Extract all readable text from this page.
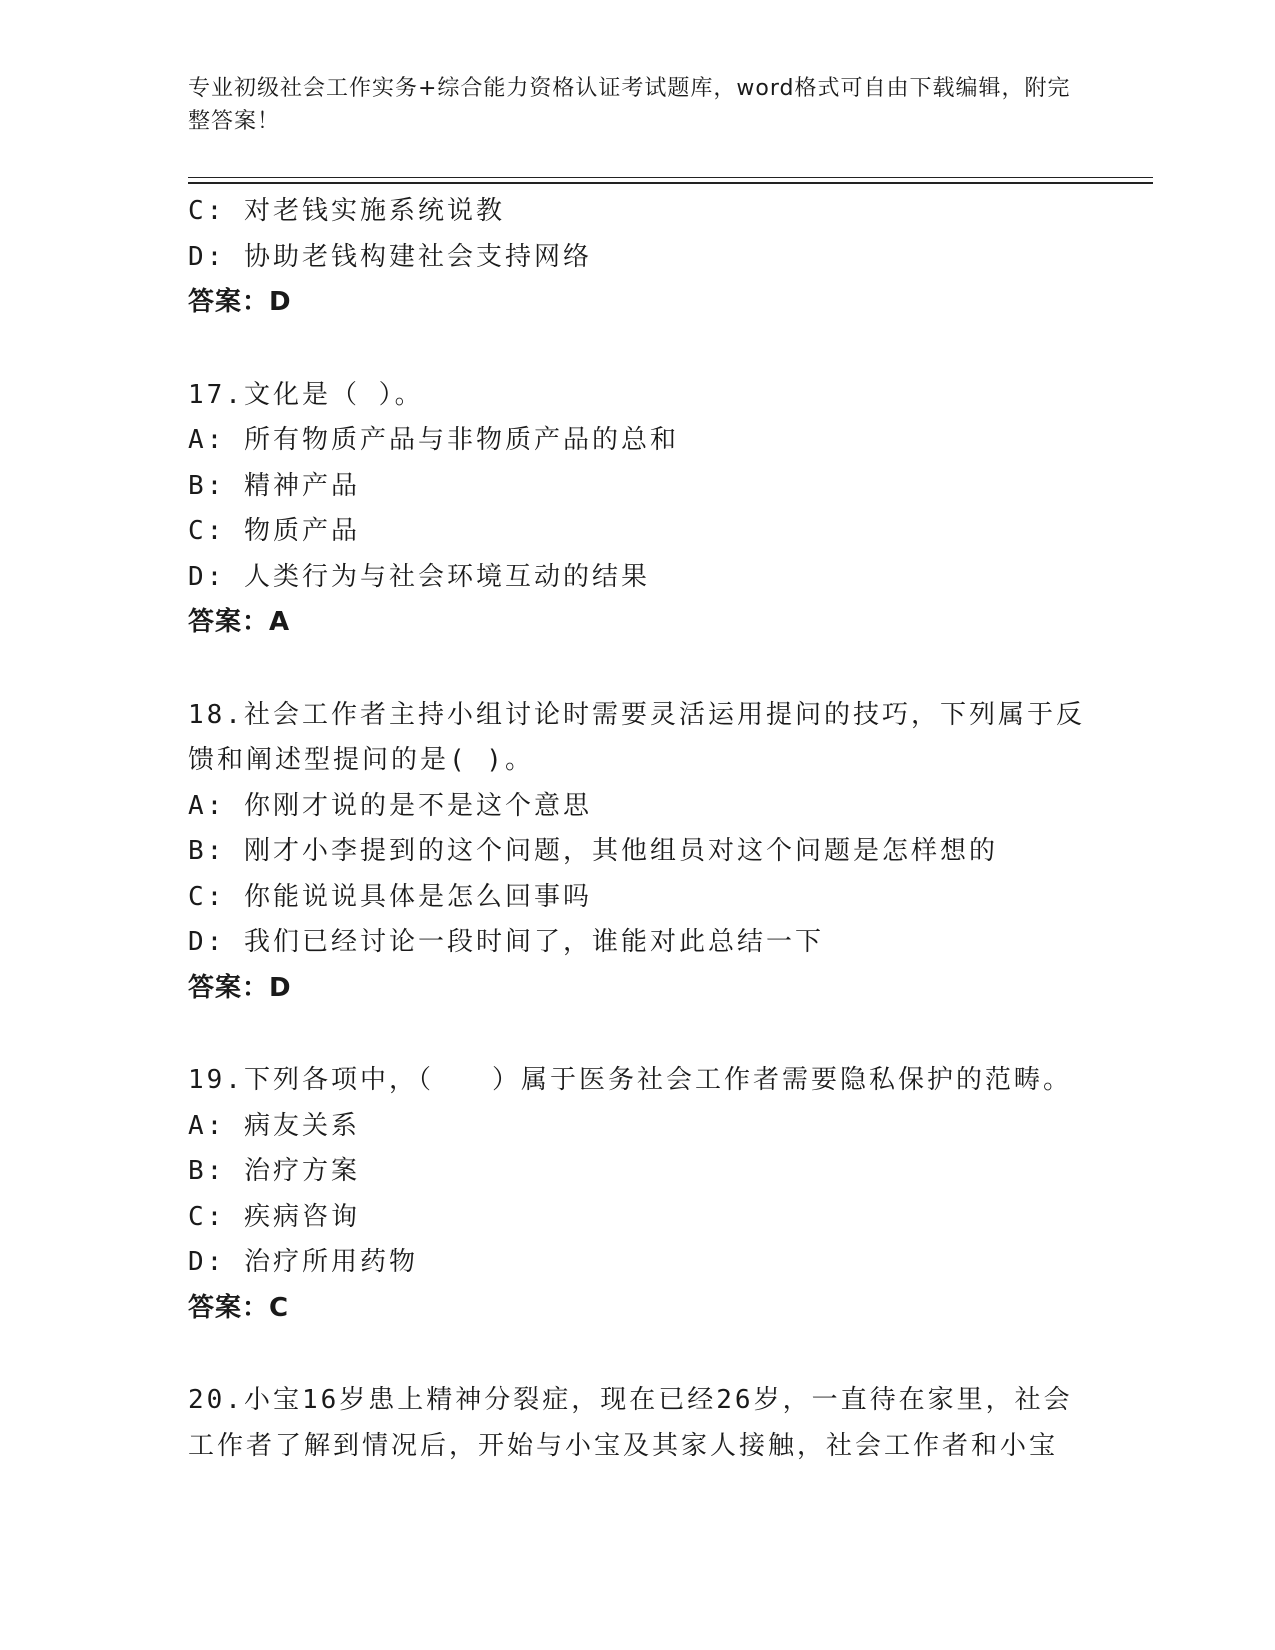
专业初级社会工作实务+综合能力资格认证考试题库，word格式可自由下载编辑，附完整答案！
C: 对老钱实施系统说教
D: 协助老钱构建社会支持网络
答案：D
17.文化是（ ）。
A: 所有物质产品与非物质产品的总和
B: 精神产品
C: 物质产品
D: 人类行为与社会环境互动的结果
答案：A
18.社会工作者主持小组讨论时需要灵活运用提问的技巧，下列属于反
馈和阐述型提问的是( )。
A: 你刚才说的是不是这个意思
B: 刚才小李提到的这个问题，其他组员对这个问题是怎样想的
C: 你能说说具体是怎么回事吗
D: 我们已经讨论一段时间了，谁能对此总结一下
答案：D
19.下列各项中，（　　）属于医务社会工作者需要隐私保护的范畴。
A: 病友关系
B: 治疗方案
C: 疾病咨询
D: 治疗所用药物
答案：C
20.小宝16岁患上精神分裂症，现在已经26岁，一直待在家里，社会
工作者了解到情况后，开始与小宝及其家人接触，社会工作者和小宝
